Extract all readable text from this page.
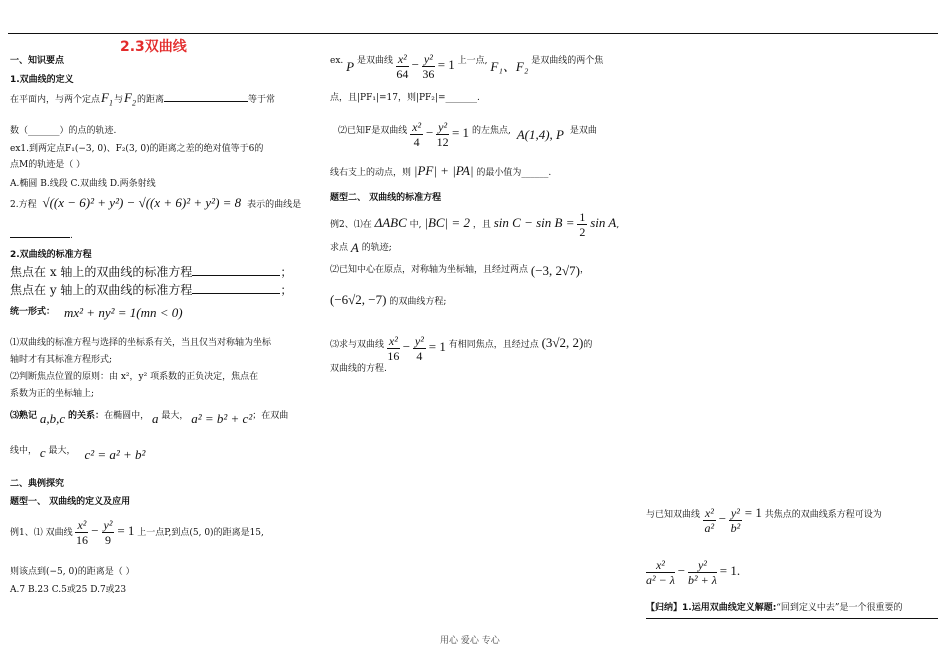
2.3双曲线
一、知识要点
1.双曲线的定义
在平面内，与两个定点$F_1$与$F_2$的距离	等于常
数（_______）的点的轨迹.
ex1.到两定点F₁(−3, 0)、F₂(3, 0)的距离之差的绝对值等于6的
点M的轨迹是（ ）
A.椭圆 B.线段 C.双曲线 D.两条射线
2.方程 √((x − 6)² + y²) − √((x + 6)² + y²) = 8 表示的曲线是
.
2.双曲线的标准方程
焦点在 x 轴上的双曲线的标准方程	；
焦点在 y 轴上的双曲线的标准方程	；
统一形式： mx² + ny² = 1(mn < 0)
⑴双曲线的标准方程与选择的坐标系有关，当且仅当对称轴为坐标
轴时才有其标准方程形式;
⑵判断焦点位置的原则：由 x²，y² 项系数的正负决定，焦点在
系数为正的坐标轴上;
⑶熟记 a,b,c 的关系：在椭圆中， a 最大， a² = b² + c²；在双曲
线中， c 最大， c² = a² + b²
二、典例探究
题型一、 双曲线的定义及应用
例1、⑴ 双曲线 $\frac{\text{x²}}{16} - \frac{\text{y²}}{9} = 1$ 上一点P,到点(5, 0)的距离是15,
则该点到(−5, 0)的距离是（ ）
A.7 B.23 C.5或25 D.7或23
ex. P 是双曲线 $\frac{\text{x²}}{64} - \frac{\text{y²}}{36} = 1$ 上一点, F₁、F₂ 是双曲线的两个焦
点，且|PF₁|=17，则|PF₂|=_______.
⑵已知F是双曲线 $\frac{\text{x²}}{4} - \frac{\text{y²}}{12} = 1$ 的左焦点, A(1,4), P 是双曲
线右支上的动点，则 |PF| + |PA| 的最小值为______.
题型二、 双曲线的标准方程
例2、⑴在 ΔABC 中, |BC| = 2 ，且 $\sin C - \sin B = \frac{1}{2}$ sin A,
求点 A 的轨迹;
⑵已知中心在原点，对称轴为坐标轴，且经过两点 (−3, 2√7)，
(−6√2, −7) 的双曲线方程;
⑶求与双曲线 $\frac{\text{x²}}{16} - \frac{\text{y²}}{4} = 1$ 有相同焦点，且经过点 (3√2, 2)的
双曲线的方程.
与已知双曲线 $\frac{\text{x²}}{\text{a²}} - \frac{\text{y²}}{\text{b²}} = 1$ 共焦点的双曲线系方程可设为
$\frac{\text{x²}}{\text{a² − λ}} - \frac{\text{y²}}{\text{b² + λ}} = 1$.
【归纳】1.运用双曲线定义解题:“回到定义中去”是一个很重要的
用心 爱心 专心
